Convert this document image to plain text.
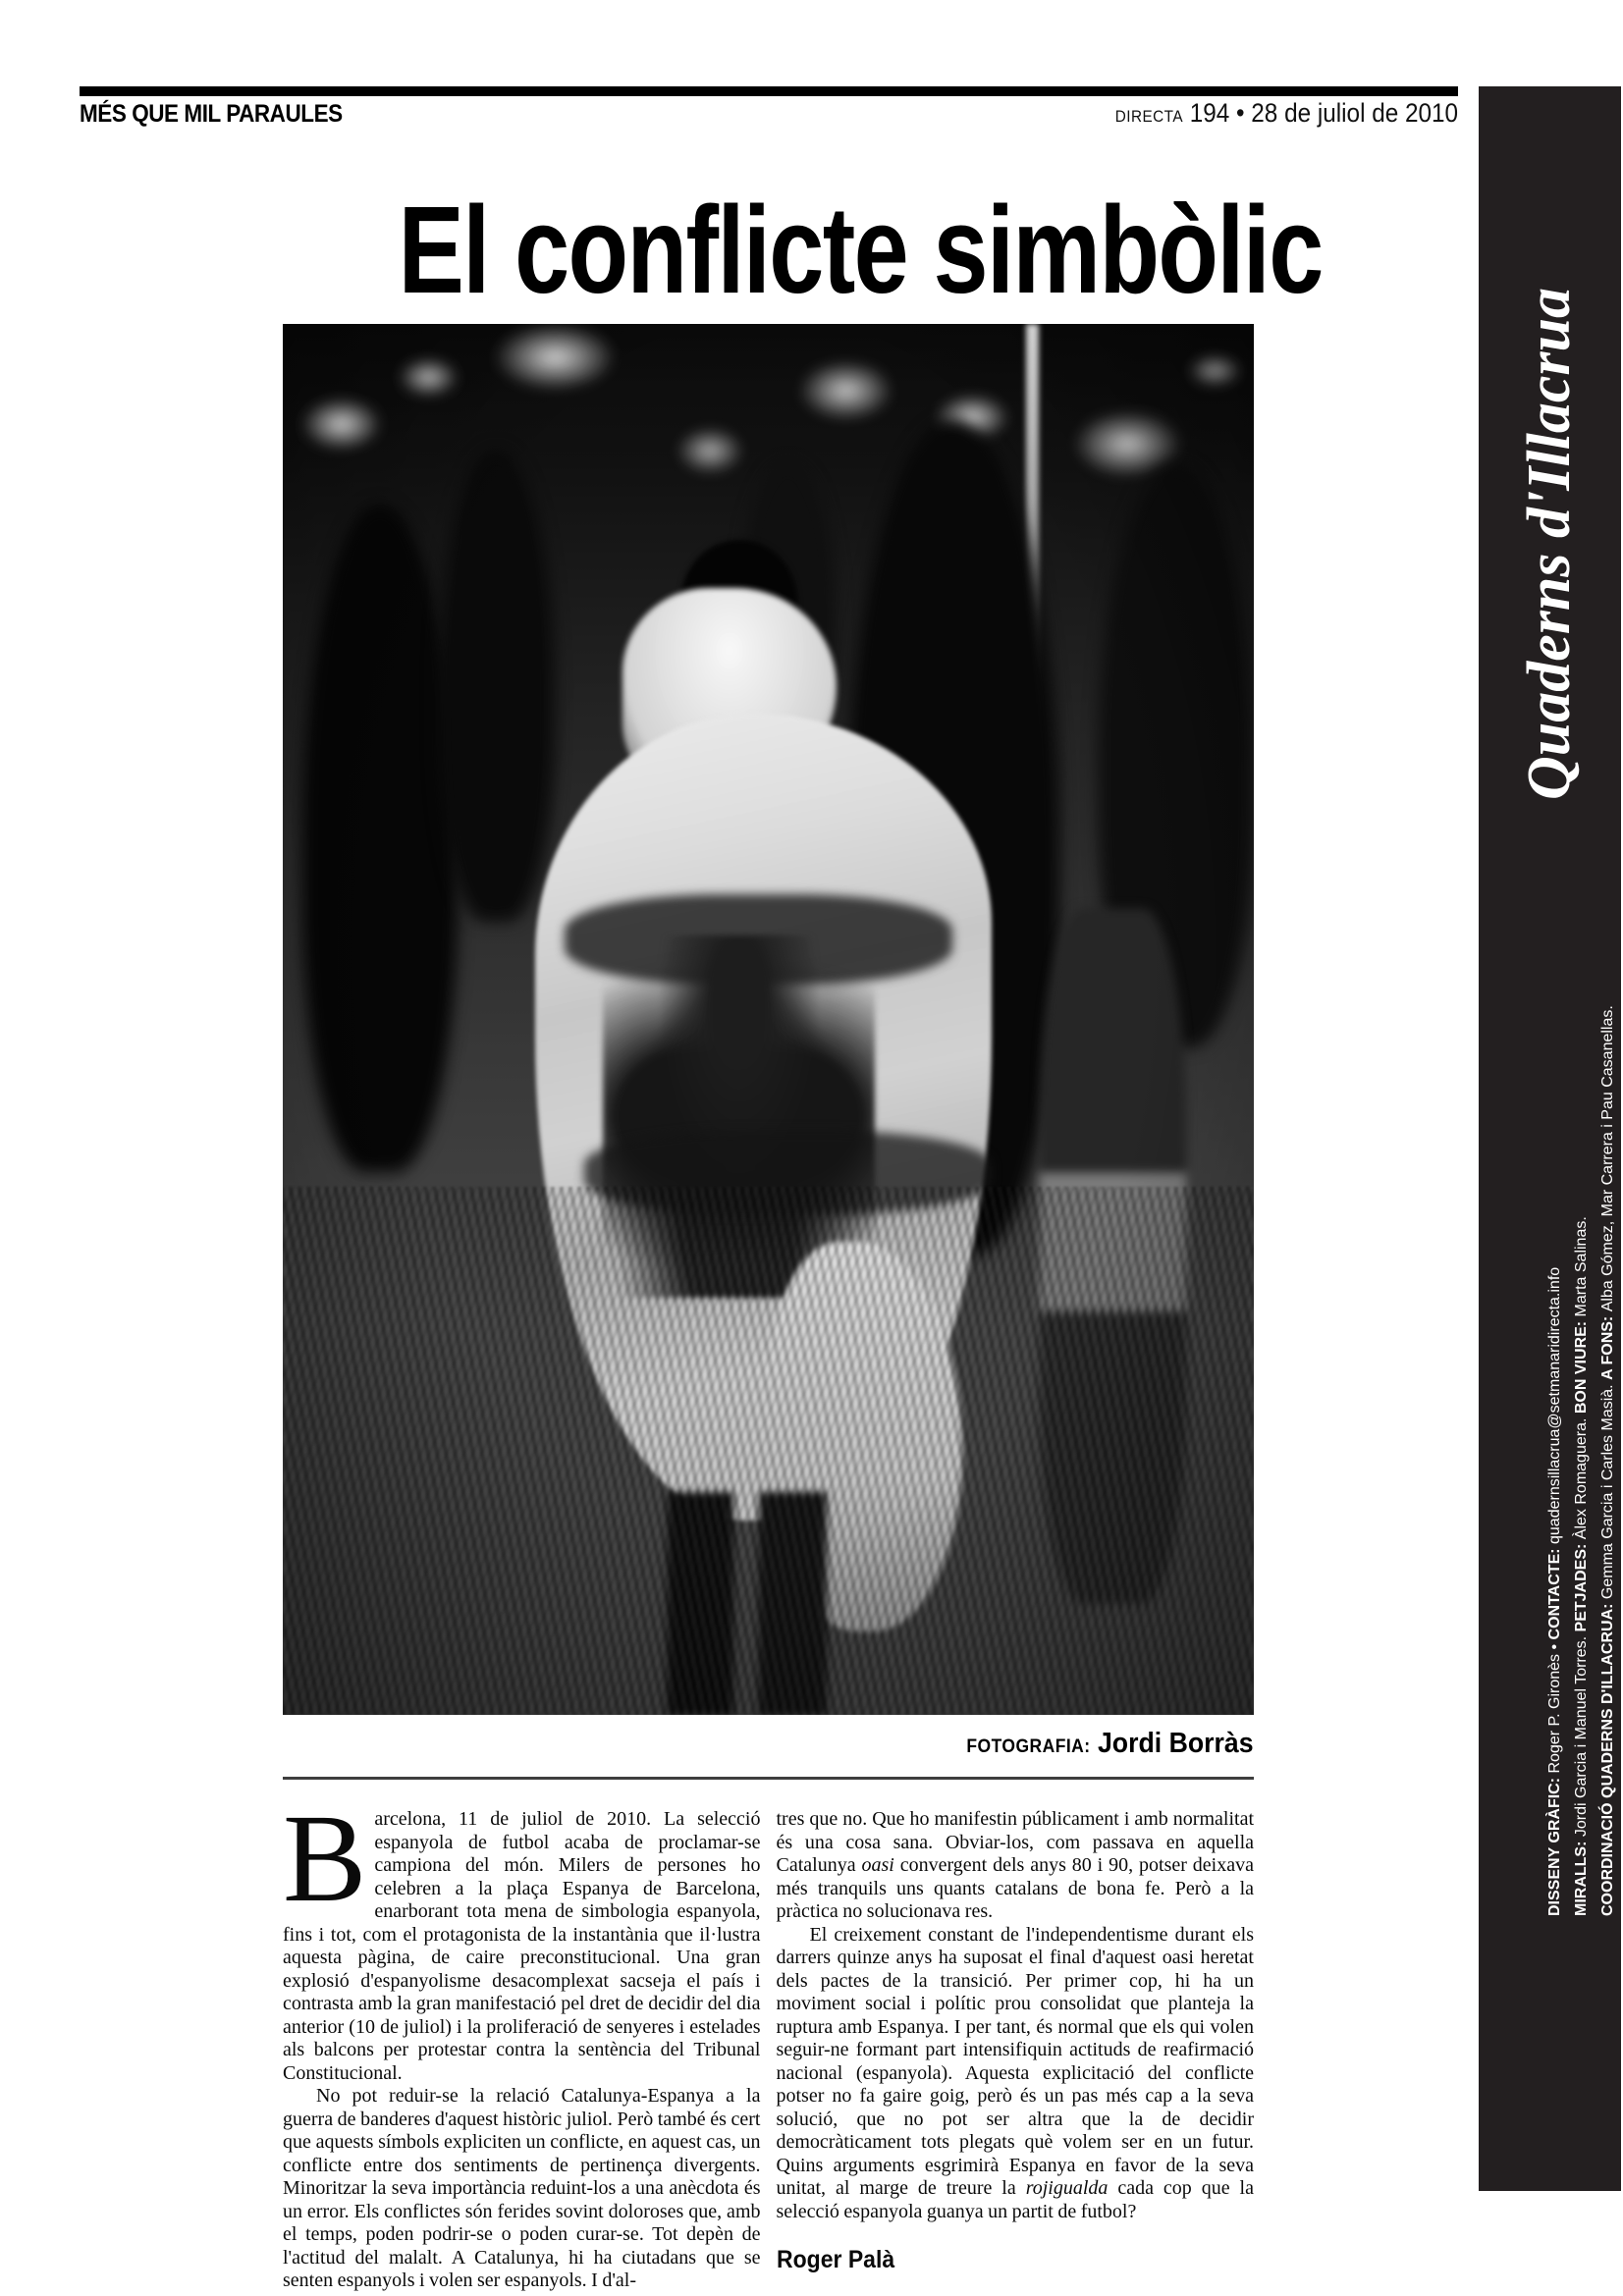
MÉS QUE MIL PARAULES	DIRECTA 194 • 28 de juliol de 2010
El conflicte simbòlic
FOTOGRAFIA: Jordi Borràs

Barcelona, 11 de juliol de 2010. La selecció espanyola de futbol acaba de proclamar-se campiona del món. Milers de persones ho celebren a la plaça Espanya de Barcelona, enarborant tota mena de simbologia espanyola, fins i tot, com el protagonista de la instantània que il·lustra aquesta pàgina, de caire preconstitucional. Una gran explosió d'espanyolisme desacomplexat sacseja el país i contrasta amb la gran manifestació pel dret de decidir del dia anterior (10 de juliol) i la proliferació de senyeres i estelades als balcons per protestar contra la sentència del Tribunal Constitucional.

No pot reduir-se la relació Catalunya-Espanya a la guerra de banderes d'aquest històric juliol. Però també és cert que aquests símbols expliciten un conflicte, en aquest cas, un conflicte entre dos sentiments de pertinença divergents. Minoritzar la seva importància reduint-los a una anècdota és un error. Els conflictes són ferides sovint doloroses que, amb el temps, poden podrir-se o poden curar-se. Tot depèn de l'actitud del malalt. A Catalunya, hi ha ciutadans que se senten espanyols i volen ser espanyols. I d'al-

tres que no. Que ho manifestin públicament i amb normalitat és una cosa sana. Obviar-los, com passava en aquella Catalunya oasi convergent dels anys 80 i 90, potser deixava més tranquils uns quants catalans de bona fe. Però a la pràctica no solucionava res.

El creixement constant de l'independentisme durant els darrers quinze anys ha suposat el final d'aquest oasi heretat dels pactes de la transició. Per primer cop, hi ha un moviment social i polític prou consolidat que planteja la ruptura amb Espanya. I per tant, és normal que els qui volen seguir-ne formant part intensifiquin actituds de reafirmació nacional (espanyola). Aquesta explicitació del conflicte potser no fa gaire goig, però és un pas més cap a la seva solució, que no pot ser altra que la de decidir democràticament tots plegats què volem ser en un futur. Quins arguments esgrimirà Espanya en favor de la seva unitat, al marge de treure la rojigualda cada cop que la selecció espanyola guanya un partit de futbol?

Roger Palà

Quaderns d'Illacrua
DISSENY GRÀFIC: Roger P. Gironès • CONTACTE: quadernsillacrua@setmanaridirecta.info
MIRALLS: Jordi Garcia i Manuel Torres. PETJADES: Àlex Romaguera. BON VIURE: Marta Salinas.
COORDINACIÓ QUADERNS D'ILLACRUA: Gemma Garcia i Carles Masià. A FONS: Alba Gómez, Mar Carrera i Pau Casanellas.
